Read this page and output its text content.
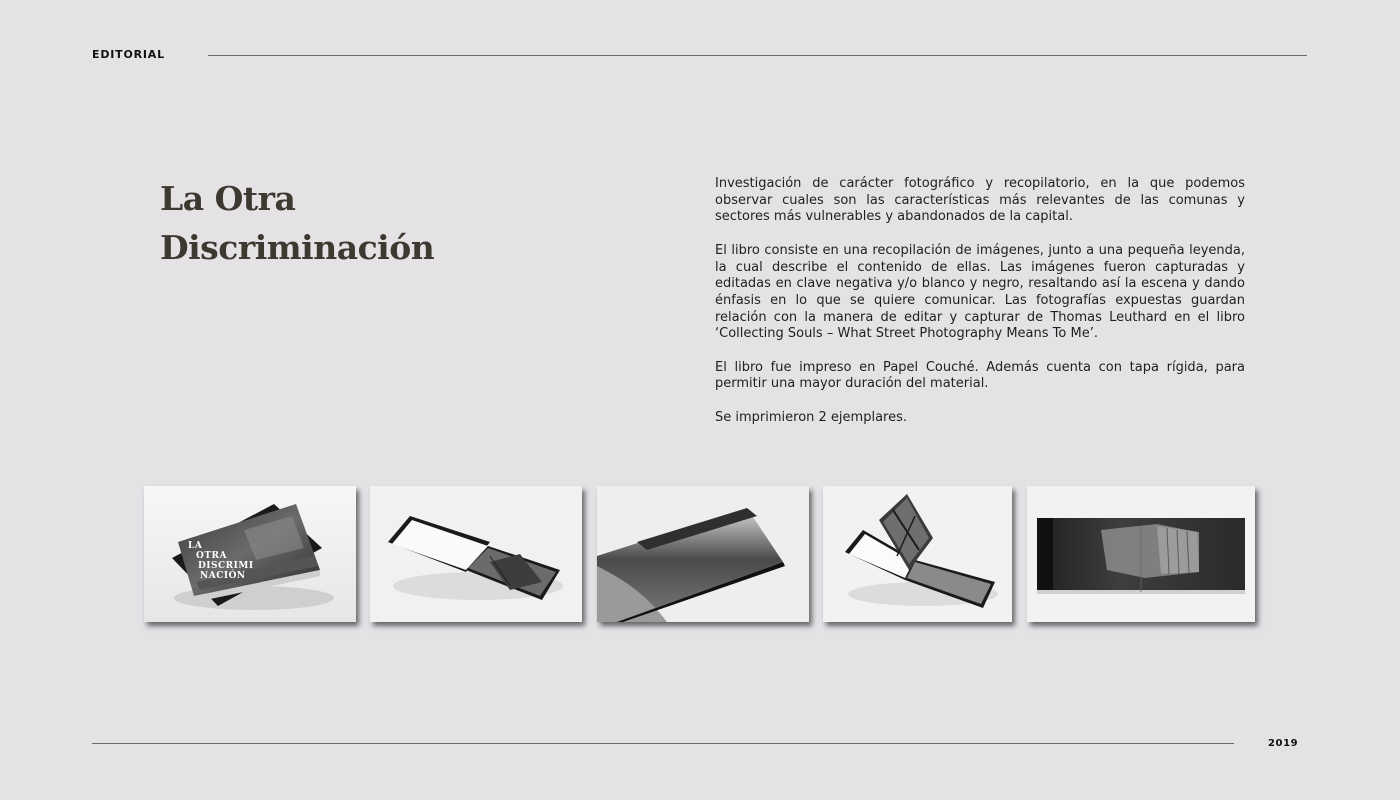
EDITORIAL
La Otra
Discriminación

Investigación de carácter fotográfico y recopilatorio, en la que podemos observar cuales son las características más relevantes de las comunas y sectores más vulnerables y abandonados de la capital.

El libro consiste en una recopilación de imágenes, junto a una pequeña leyenda, la cual describe el contenido de ellas. Las imágenes fueron capturadas y editadas en clave negativa y/o blanco y negro, resaltando así la escena y dando énfasis en lo que se quiere comunicar. Las fotografías expuestas guardan relación con la manera de editar y capturar de Thomas Leuthard en el libro ‘Collecting Souls – What Street Photography Means To Me’.

El libro fue impreso en Papel Couché. Además cuenta con tapa rígida, para permitir una mayor duración del material.

Se imprimieron 2 ejemplares.

LA
OTRA
DISCRIMI
NACIÓN
2019
